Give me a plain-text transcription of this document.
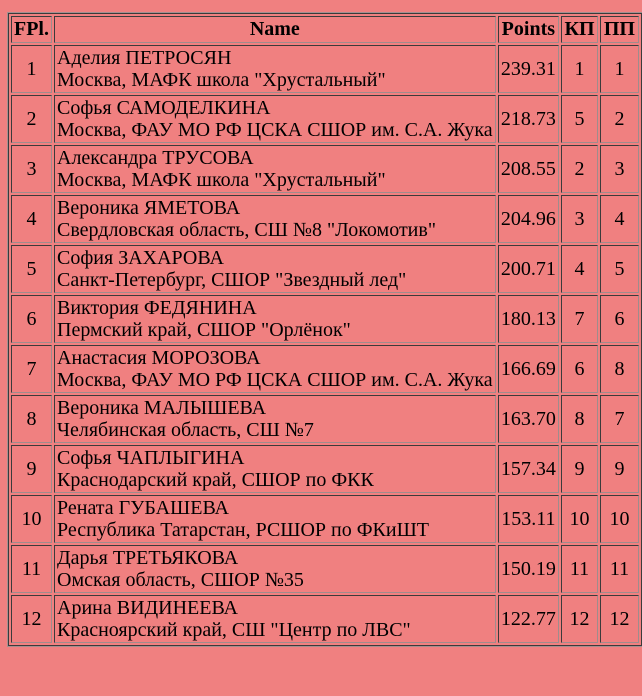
FPl.	Name	Points	КП	ПП
1	Аделия ПЕТРОСЯН
Москва, МАФК школа "Хрустальный"	239.31	1	1
2	Софья САМОДЕЛКИНА
Москва, ФАУ МО РФ ЦСКА СШОР им. С.А. Жука	218.73	5	2
3	Александра ТРУСОВА
Москва, МАФК школа "Хрустальный"	208.55	2	3
4	Вероника ЯМЕТОВА
Свердловская область, СШ №8 "Локомотив"	204.96	3	4
5	София ЗАХАРОВА
Санкт-Петербург, СШОР "Звездный лед"	200.71	4	5
6	Виктория ФЕДЯНИНА
Пермский край, СШОР "Орлёнок"	180.13	7	6
7	Анастасия МОРОЗОВА
Москва, ФАУ МО РФ ЦСКА СШОР им. С.А. Жука	166.69	6	8
8	Вероника МАЛЫШЕВА
Челябинская область, СШ №7	163.70	8	7
9	Софья ЧАПЛЫГИНА
Краснодарский край, СШОР по ФКК	157.34	9	9
10	Рената ГУБАШЕВА
Республика Татарстан, РСШОР по ФКиШТ	153.11	10	10
11	Дарья ТРЕТЬЯКОВА
Омская область, СШОР №35	150.19	11	11
12	Арина ВИДИНЕЕВА
Красноярский край, СШ "Центр по ЛВС"	122.77	12	12
